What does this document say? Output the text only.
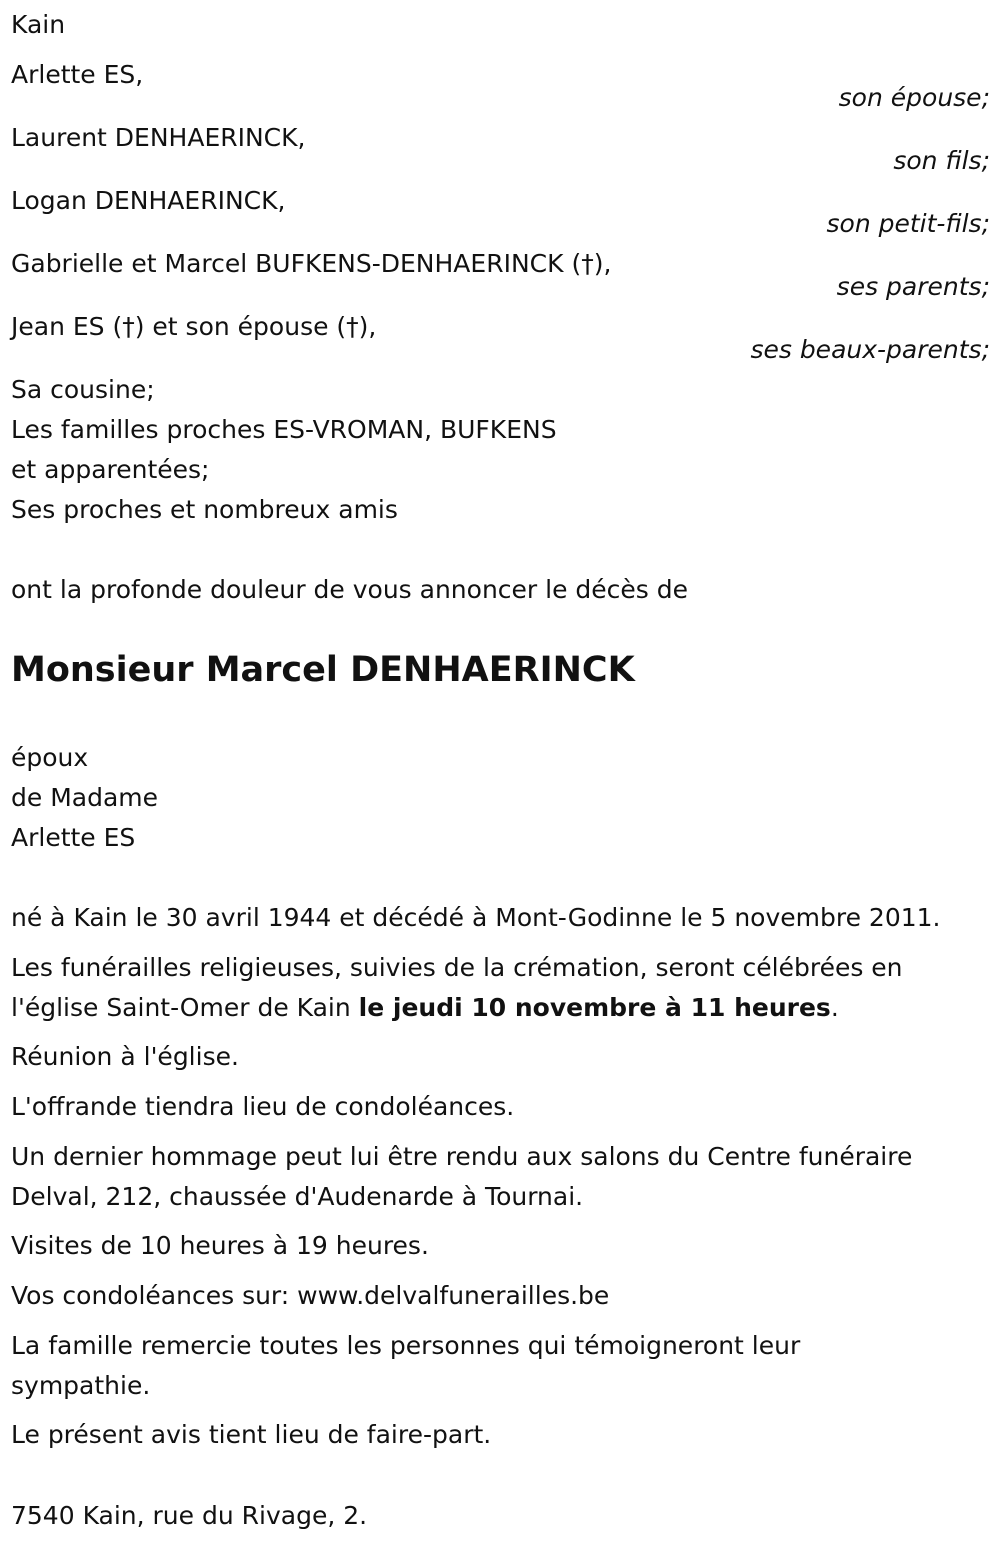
Kain
Arlette ES,
son épouse;
Laurent DENHAERINCK,
son fils;
Logan DENHAERINCK,
son petit-fils;
Gabrielle et Marcel BUFKENS-DENHAERINCK (†),
ses parents;
Jean ES (†) et son épouse (†),
ses beaux-parents;
Sa cousine;
Les familles proches ES-VROMAN, BUFKENS
et apparentées;
Ses proches et nombreux amis
ont la profonde douleur de vous annoncer le décès de
Monsieur Marcel DENHAERINCK
époux
de Madame
Arlette ES
né à Kain le 30 avril 1944 et décédé à Mont-Godinne le 5 novembre 2011.
Les funérailles religieuses, suivies de la crémation, seront célébrées en
l'église Saint-Omer de Kain le jeudi 10 novembre à 11 heures.
Réunion à l'église.
L'offrande tiendra lieu de condoléances.
Un dernier hommage peut lui être rendu aux salons du Centre funéraire
Delval, 212, chaussée d'Audenarde à Tournai.
Visites de 10 heures à 19 heures.
Vos condoléances sur: www.delvalfunerailles.be
La famille remercie toutes les personnes qui témoigneront leur
sympathie.
Le présent avis tient lieu de faire-part.
7540 Kain, rue du Rivage, 2.
